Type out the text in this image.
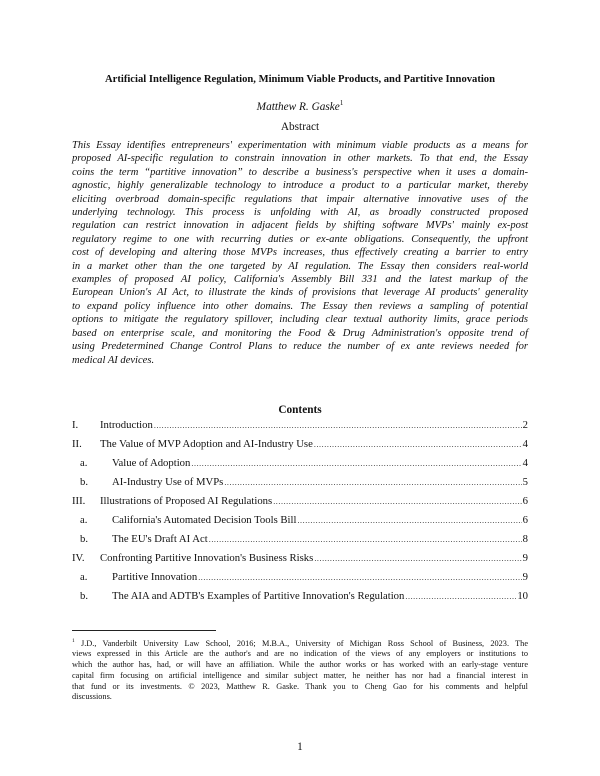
Artificial Intelligence Regulation, Minimum Viable Products, and Partitive Innovation
Matthew R. Gaske$^1$
Abstract
This Essay identifies entrepreneurs' experimentation with minimum viable products as a means for
proposed AI-specific regulation to constrain innovation in other markets. To that end, the Essay
coins the term “partitive innovation” to describe a business's perspective when it uses a domain-
agnostic, highly generalizable technology to introduce a product to a particular market, thereby
eliciting overbroad domain-specific regulations that impair alternative innovative uses of the
underlying technology. This process is unfolding with AI, as broadly constructed proposed
regulation can restrict innovation in adjacent fields by shifting software MVPs' mainly ex-post
regulatory regime to one with recurring duties or ex-ante obligations. Consequently, the upfront
cost of developing and altering those MVPs increases, thus effectively creating a barrier to entry
in a market other than the one targeted by AI regulation. The Essay then considers real-world
examples of proposed AI policy, California's Assembly Bill 331 and the latest markup of the
European Union's AI Act, to illustrate the kinds of provisions that leverage AI products' generality
to expand policy influence into other domains. The Essay then reviews a sampling of potential
options to mitigate the regulatory spillover, including clear textual authority limits, grace periods
based on enterprise scale, and monitoring the Food & Drug Administration's opposite trend of
using Predetermined Change Control Plans to reduce the number of ex ante reviews needed for
medical AI devices.
Contents
I.	Introduction .....	2
II.	The Value of MVP Adoption and AI-Industry Use .....	4
a.	Value of Adoption .....	4
b.	AI-Industry Use of MVPs .....	5
III.	Illustrations of Proposed AI Regulations .....	6
a.	California's Automated Decision Tools Bill .....	6
b.	The EU's Draft AI Act .....	8
IV.	Confronting Partitive Innovation's Business Risks .....	9
a.	Partitive Innovation .....	9
b.	The AIA and ADTB's Examples of Partitive Innovation's Regulation .....	10
$^1$ J.D., Vanderbilt University Law School, 2016; M.B.A., University of Michigan Ross School of Business, 2023. The
views expressed in this Article are the author's and are no indication of the views of any employers or institutions to
which the author has, had, or will have an affiliation. While the author works or has worked with an early-stage venture
capital firm focusing on artificial intelligence and similar subject matter, he neither has nor had a financial interest in
that fund or its investments. © 2023, Matthew R. Gaske. Thank you to Cheng Gao for his comments and helpful
discussions.
1
